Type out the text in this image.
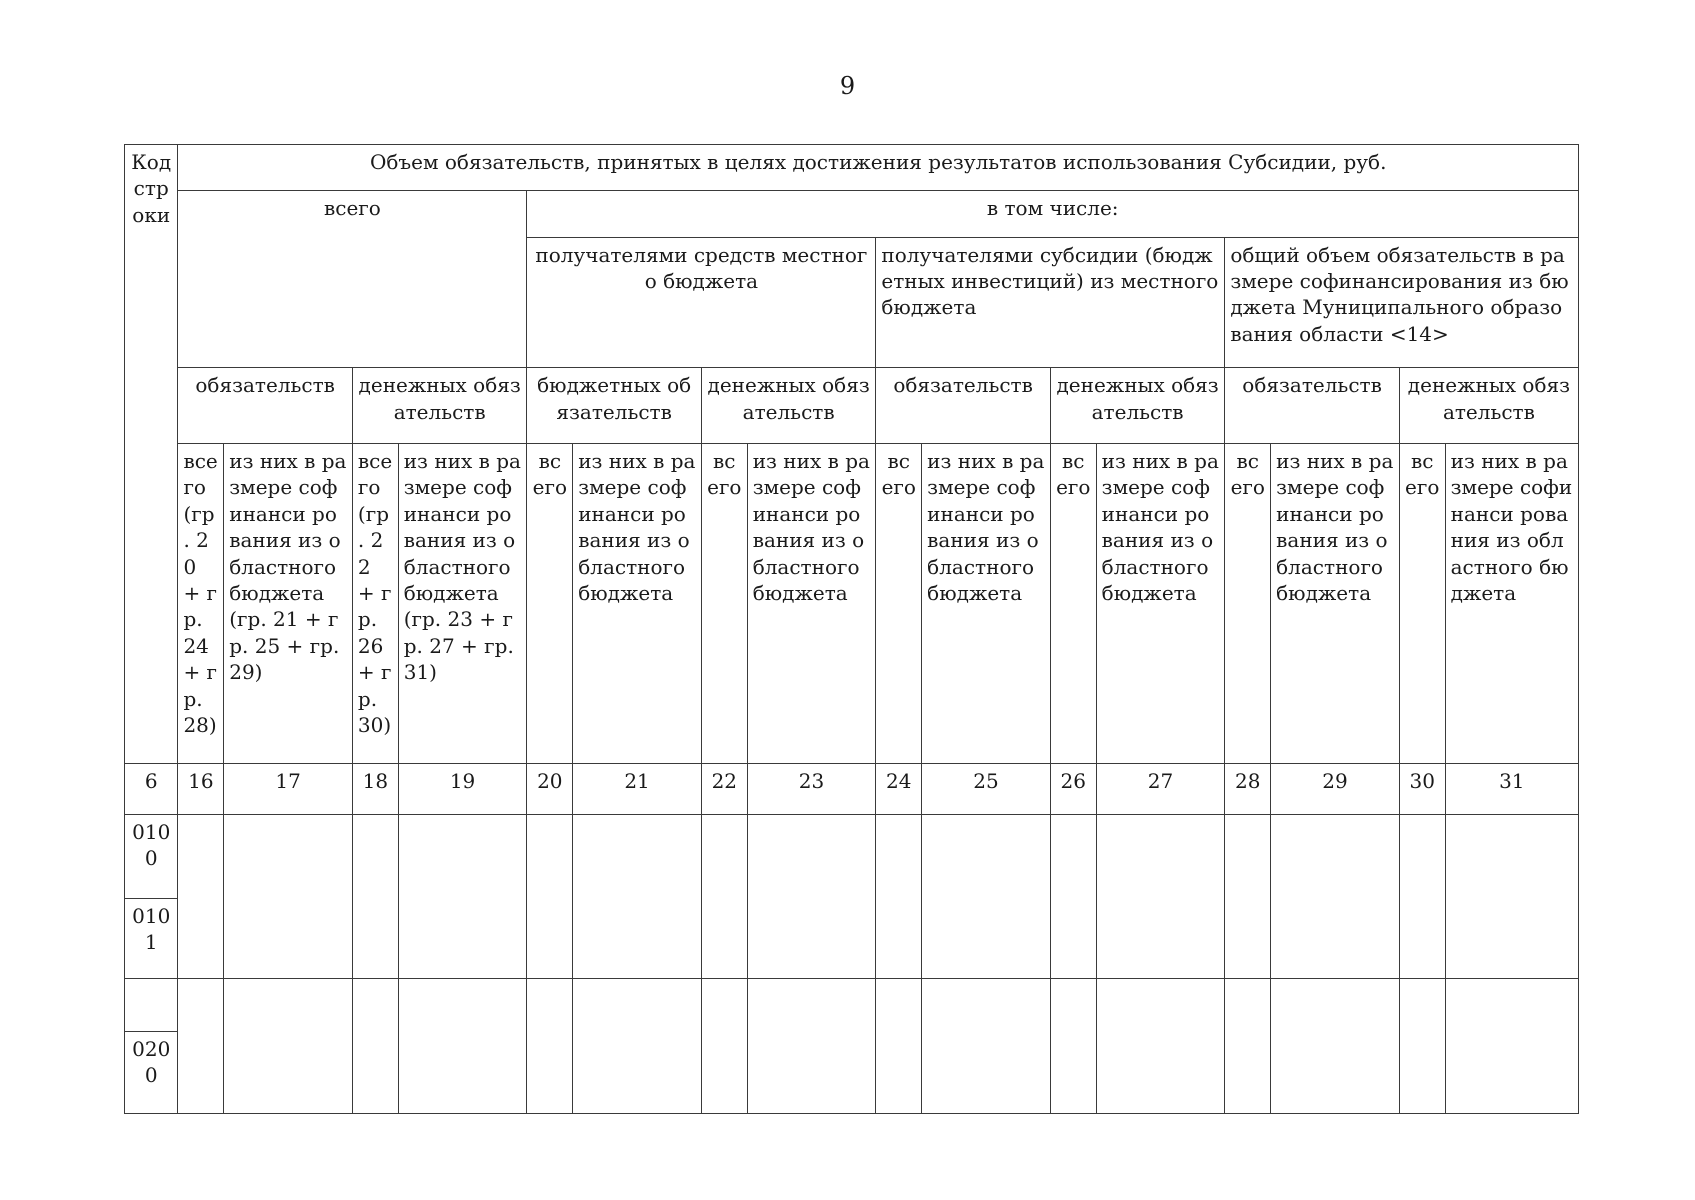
9
Код стр оки	Объем обязательств, принятых в целях достижения результатов использования Субсидии, руб.															
	всего				в том числе:											
					получателями средств местного бюджета				получателями субсидии (бюджетных инвестиций) из местного бюджета				общий объем обязательств в размере софинансирования из бюджета Муниципального образования области <14>			
	обязательств		денежных обязательств		бюджетных обязательств		денежных обязательств		обязательств		денежных обязательств		обязательств		денежных обязательств	
	все го (гр . 20 + гр. 24 + гр. 28)	из них в размере софинанси рования из областного бюджета (гр. 21 + гр. 25 + гр. 29)	все го (гр . 22 + гр. 26 + гр. 30)	из них в размере софинанси рования из областного бюджета (гр. 23 + гр. 27 + гр. 31)	вс его	из них в размере софинанси рования из областного бюджета	вс его	из них в размере софинанси рования из областного бюджета	вс его	из них в размере софинанси рования из областного бюджета	вс его	из них в размере софинанси рования из областного бюджета	вс его	из них в размере софинанси рования из областного бюджета	вс его	из них в размере софинанси рования из областного бюджета
6	16	17	18	19	20	21	22	23	24	25	26	27	28	29	30	31
010 0																
010 1																

020 0																
